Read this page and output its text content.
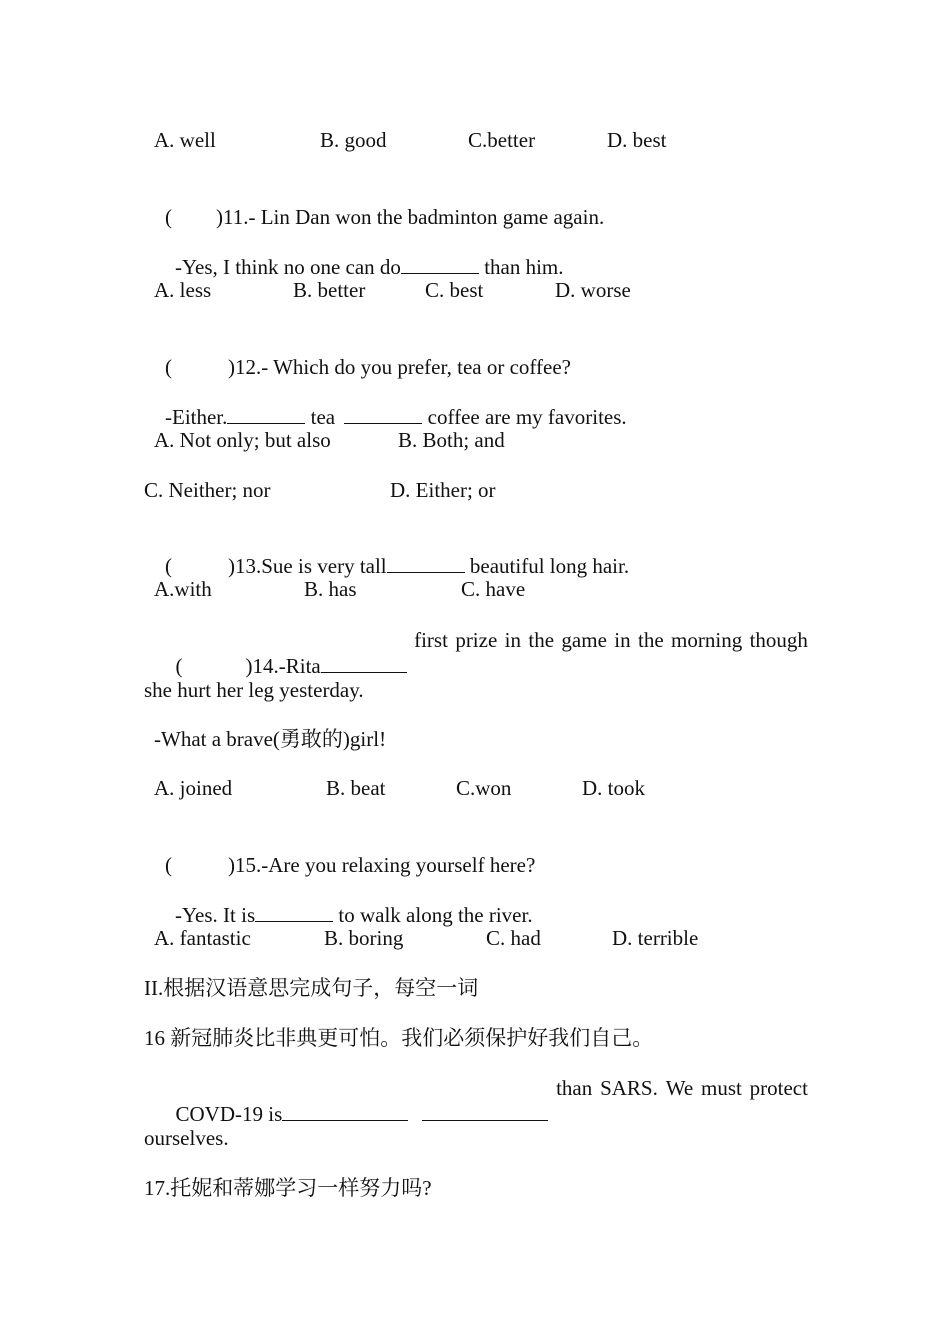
A. well	B. good	C.better	D. best

( )11.- Lin Dan won the badminton game again.

-Yes, I think no one can do	than him.

A. less	B. better	C. best	D. worse

(	)12.- Which do you prefer, tea or coffee?

-Either.	tea	coffee are my favorites.

A. Not only; but also	B. Both; and
C. Neither; nor	D. Either; or

(	)13.Sue is very tall	beautiful long hair.

A.with	B. has	C. have

(	)14.-Rita

first prize in the game in the morning though
she hurt her leg yesterday.
-What a brave(勇敢的)girl!
A. joined	B. beat	C.won	D. took

(	)15.-Are you relaxing yourself here?

-Yes. It is	to walk along the river.

A. fantastic	B. boring	C. had	D. terrible
II.根据汉语意思完成句子，每空一词
16 新冠肺炎比非典更可怕。我们必须保护好我们自己。

COVD-19 is

than SARS. We must protect
ourselves.
17.托妮和蒂娜学习一样努力吗?
